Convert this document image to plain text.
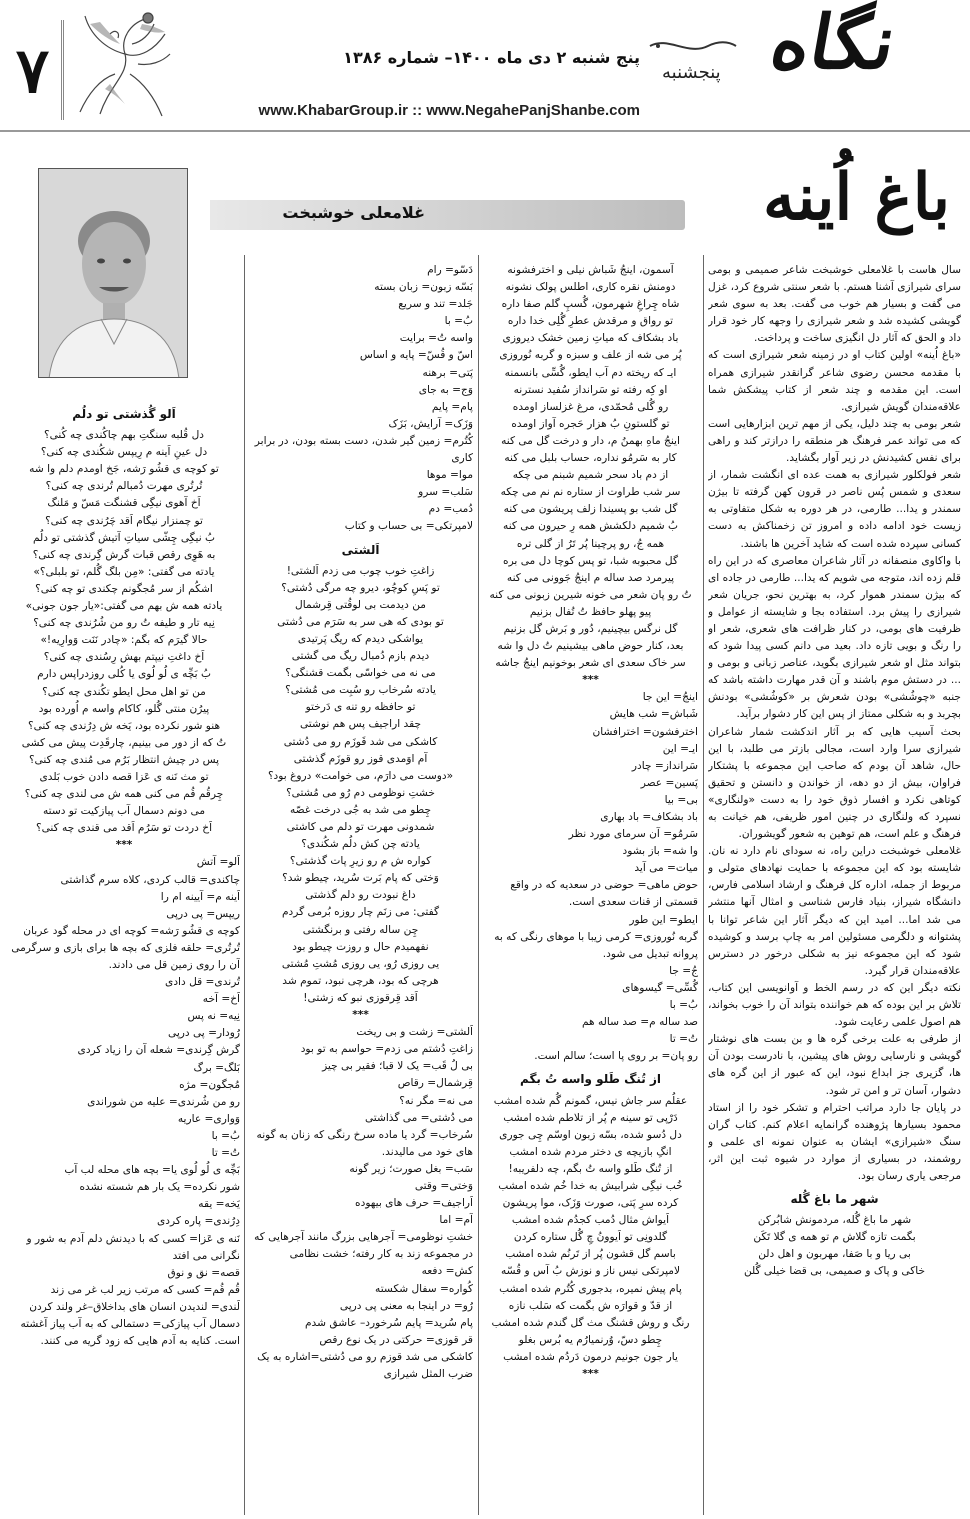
۷	پنج شنبه ۲ دی ماه ۱۴۰۰– شماره ۱۳۸۶
www.KhabarGroup.ir :: www.NegahePanjShanbe.com
نگاه
پنجشنبه
غلامعلی خوشبخت	باغ اُینه

سال هاست با غلامعلی خوشبخت شاعر صمیمی و بومی سرای شیرازی آشنا هستم. با شعر سنتی شروع کرد، غزل می گفت و بسیار هم خوب می گفت. بعد به سوی شعر گویشی کشیده شد و شعر شیرازی را وجهه کار خود قرار داد و الحق که آثار دل انگیزی ساخت و پرداخت.

«باغ اُینه» اولین کتاب او در زمینه شعر شیرازی است که با مقدمه محسن رضوی شاعر گرانقدر شیرازی همراه است. این مقدمه و چند شعر از کتاب پیشکش شما علاقه‌مندان گویش شیرازی.

شعر بومی به چند دلیل، یکی از مهم ترین ابزارهایی است که می تواند عمر فرهنگ هر منطقه را درازتر کند و راهی برای نفس کشیدنش در زیر آوار بگشاید.

شعر فولکلور شیرازی به همت عده ای انگشت شمار، از سعدی و شمس پُس ناصر در قرون کهن گرفته تا بیژن سمندر و یدا... طارمی، در هر دوره به شکل متفاوتی به زیست خود ادامه داده و امروز تن زخمناکش به دست کسانی سپرده شده است که شاید آخرین ها باشند.

با واکاوی منصفانه در آثار شاعران معاصری که در این راه قلم زده اند، متوجه می شویم که یدا... طارمی در جاده ای که بیژن سمندر هموار کرد، به بهترین نحو، جریان شعر شیرازی را پیش برد. استفاده بجا و شایسته از عوامل و ظرفیت های بومی، در کنار ظرافت های شعری، شعر او را رنگ و بویی تازه داد. بعید می دانم کسی پیدا شود که بتواند مثل او شعر شیرازی بگوید، عناصر زبانی و بومی و ... در دستش موم باشند و آن قدر مهارت داشته باشد که جنبه «چوشُشی» بودن شعرش بر «کوشُشی» بودنش بچربد و به شکلی ممتاز از پس این کار دشوار برآید.

بحث آسیب هایی که بر آثار اندکشت شمار شاعران شیرازی سرا وارد است، مجالی بازتر می طلبد، با این حال، شاهد آن بودم که صاحب این مجموعه با پشتکار فراوان، بیش از دو دهه، از خواندن و دانستن و تحقیق کوتاهی نکرد و افسار ذوق خود را به دست «ولنگاری» نسپرد که ولنگاری در چنین امور ظریفی، هم خیانت به فرهنگ و علم است، هم توهین به شعور گویشوران.

غلامعلی خوشبخت دراین راه، نه سودای نام دارد نه نان. شایسته بود که این مجموعه با حمایت نهادهای متولی و مربوط از جمله، اداره کل فرهنگ و ارشاد اسلامی فارس، دانشگاه شیراز، بنیاد فارس شناسی و امثال آنها منتشر می شد اما... امید این که دیگر آثار این شاعر توانا با پشتوانه و دلگرمی مسئولین امر به چاپ برسد و کوشیده شود که این مجموعه نیز به شکلی درخور در دسترس علاقه‌مندان قرار گیرد.

نکته دیگر این که در رسم الخط و آوانویسی این کتاب، تلاش بر این بوده که هم خواننده بتواند آن را خوب بخواند، هم اصول علمی رعایت شود.

از طرفی به علت برخی گره ها و بن بست های نوشتار گویشی و نارسایی روش های پیشین، با نادرست بودن آن ها، گزیری جز ابداع نبود، این که عبور از این گره های دشوار، آسان تر و امن تر شود.

در پایان جا دارد مراتب احترام و تشکر خود را از استاد محمود بسیارها پژوهنده گرانمایه اعلام کنم. کتاب گران سنگ «شیرازی» ایشان به عنوان نمونه ای علمی و روشمند، در بسیاری از موارد در شیوه ثبت این اثر، مرجعی یاری رسان بود.

شهر ما باغ گُله

شهر ما باغ گُله، مردمونش شابُرکن

بگمت تازه گلاش م تو همه ی گلا تَکَن

بی ریا و با صَفا، مهربون و اهل دلن

خاکی و پاک و صمیمی، بی قضا خیلی گُلن

آسمون، اینجُ شَباش نیلی و اخترفشونه

دومنش نقره کاری، اطلس پولک نشونه

شاه چِراغِ شهرمون، گُسپِ گلم صفا داره

تو رواق و مرقدش عطرِ گُلِی خدا داره

باد بشکاف که میاتِ زمین خشک دیروزی

پُر می شه از علف و سبزه و گربه نُوروزی

ایـ که ریخته دم آب ایطو، گُسِّی بانسمنه

او کِه رفته تو سَرانداز سُفید نسترنه

رو گُلی مُحمّدی، مرغ غزلساز اومده

تو گلستونِ بُ هزار حَجره آواز اومده

اینجُ ماهِ بهمنُ م، دار و درخت گل می کنه

کار به سَرمُو نداره، حساب بلبل می کنه

از دم باد سحر شمیم شبنم می چکه

سر شب طراوت از ستاره نم نم می چکه

گل شب بو پسیندا زلف پریشون می کنه

بُ شمیم دلکشش همه رِ حیرون می کنه

همه جُ، رو پرچینا پُر تَرُ از گلی تره

گل محبوبه شبا، تو پس کوچا دل می بره

پیرمرد صد ساله م اینجُ جَوونی می کنه

تُ رو پان شعر می خونه شیرین زبونی می کنه

پیو پهلو حافظ تُ تُفال بزنیم

گل نرگس بیچینیم، دُور و بَرش گل بزنیم

بعد، کنار حوض ماهی بیشینیم تُ دل وا شه

سر خاک سعدی ای شعر بوخونیم اینجُ جاشه

***

اینجُ= این جا

شَباش= شب هایش

اخترفشون= اخترافشان

ایـ= این

سَرانداز= چادر

پَسین= عصر

بی= بیا

باد بشکاف= باد بهاری

سَرمُو= آن سرمای مورد نظر

وا شه= باز بشود

میات= می آید

حوض ماهی= حوضی در سعدیه که در واقع قسمتی از قنات سعدی است.

ایطو= این طور

گربه نُوروزی= کرمی زیبا با موهای رنگی که به پروانه تبدیل می شود.

جُ= جا

گُسِّی= گیسوهای

بُ= با

صد ساله م= صد ساله هم

تُ= تا

رو پان= بر روی پا است؛ سالم است.

از تُنگ طَلو واسه تُ بگم

عقلُم سر جاش نیس، گمونم گُم شده امشب

دَرْپی تو سینه م پُر از تلاطم شده امشب

دل دُسو شده، بسّه زبون اوسّم چِی جوری

انگِ بازیچه ی دختر مردم شده امشب

از تُنگ طَلو واسه تُ بگم، چه دلفریبه!

خُب نیگِی شرابیش به خدا خُم شده امشب

کرده سرِ پَتی، صورت وَزَک، موا پریشون

اَیواش مثال دُمب کجدُم شده امشب

گلدونِی تو اَیوونُ چِ گُل ستاره کردن

باسم گل قشون پُر از تَرنُم شده امشب

لامپرتکی نیس ناز و نوزش بُ آس و قُسّه

پام پیش نمیره، بدجوری کُتُرم شده امشب

از قدّ و قوارَه ش بگمت که سَلب نازه

رنگ و روش قشنگ مث گل گندم شده امشب

چِطو دسّ، وُرنمیارُم یه بُرس بغلو

یار جون جونیم درمون دَردُم شده امشب

***

دَسّو= رام

بَسّه زبون= زبان بسته

جَلد= تند و سریع

بُ= با

واسه تُ= برایت

اسّ و قُسّ= پایه و اساس

پَتی= برهنه

وَج= به جای

پام= پایم

وَزَک= آرایش، بَزَک

کُتُرم= زمین گیر شدن، دست بسته بودن، در برابر کاری

موا= موها

سَلب= سرو

دُمب= دم

لامپرتکی= بی حساب و کتاب

اَلشتی

زاغتِ خوب چوب می زدم اَلشتی!

تو پَسِ کوچُو، دیرو چه مرگی دُشتی؟

من دیدمت بی لوقُتی قِرشمال

تو بودی که هی سر به سَرَم می دُشتی

یواشکی دیدم که ریگ پَرتیدی

دیدم بازم دُمبال ریگ می گشتی

می نه می خواسّی بگمت قشنگی؟

یادته سُرخاب رو سُبِت می مُشتی؟

تو حافظه رو تنه ی دَرختو

چقد اراجیف پس هم نوشتی

کاشکی می شد قَوزَم رو می دُشتی

آم اوَمدی قوز رو قوزَم گذشتی

«دوست می دارَم، می خوامت» دروغ بود؟

خشتِ نوظومی دم رُو می مُشتی؟

چِطو می شد به جُی درخت غصّه

شمدونی مهرت تو دلم می کاشتی

یادته چن کش دلُم شکُندی؟

کواره ش م رو زیرِ پات گذشتی؟

وَختی که پام بَرت سُرید، چیطو شد؟

داغ نبودت رو دلم گذشتی

گفتی: می زنَم چار روزه بُرمی گردم

چِن ساله رفتی و برنگشتی

نفهمیدم حال و روزت چیطو بود

یی روزی رُو، یی روزی مُشتِ مُشتی

هرچی که بود، هرچی نبود، تموم شد

اَقد قِرقوزی نبو که زشتی!

***

اَلشتی= زشت و بی ریخت

زاغتِ دُشتم می زدم= حواسم به تو بود

بی لُ قَب= یک لا قبا؛ فقیر بی چیز

قِرشمال= رقاص

می نه= مگر نه؟

می دُشتی= می گذاشتی

سُرخاب= گرد یا ماده سرخ رنگی که زنان به گونه های خود می مالیدند.

سَب= بغل صورت؛ زیر گونه

وَختی= وقتی

اَراجیف= حرف های بیهوده

آم= اما

خشتِ نوظومی= آجرهایی بزرگ مانند آجرهایی که در مجموعه زند به کار رفته؛ خشت نظامی

کش= دفعه

کُواره= سفال شکسته

رُو= در اینجا به معنی پی درپی

پام سُرید= پایم سُرخورد– عاشق شدم

قر قوزی= حرکتی در یک نوع رقص

کاشکی می شد قوزم رو می دُشتی=اشاره به یک ضرب المثل شیرازی

اَلو گُذشتی تو دلُم

دل قُلبه سنگتِ بهم چاکُندی چه کُنی؟

دل عینِ اَینه م رِیپس شکُندی چه کنی؟

تو کوچه ی قشُو رَشه، جَخ اومدم دلم وا شه

تُرتُری مهرت دُمبالم تُرندی چه کنی؟

اَخ آهوی نیگِی قشنگت مَسّ و مَلنگ

تو چمنزار نیگام اَقد چَرُندی چه کنی؟

بُ نیگِی چِشّی سیاتِ آتیش گذشتی تو دلُم

به هَوِی رقص قبات گرش گِرندی چه کنی؟

یادته می گفتی: «مِن بلگ گُلم، تو بلبلی؟»

اشکُم از سر مُجگونم چکندی تو چه کنی؟

یادته همه ش بهم می گفتی:«یار جون جونی»

نِیه تار و طیفه تُ رو من شُرُندی چه کنی؟

حالا گیرَم که بگم: «چادر نَنَت وَوارِیه!»

اَخ داغتِ نیپتم بهش رِسُندی چه کنی؟

بُ بَچِّه ی لُو لُوی یا کُلی روزدراپس دارم

من تو اهل محل ایطو تکُندی چه کنی؟

پیرُن منتی گُلو، کاکام واسه م اُورده بود

هنو شور نکرده بود، یَخه ش دِرُندی چه کنی؟

تُ که از دور می بینیم، چارقَدِت پیش می کشی

پس در چیش انتظار بَرُم می مُندی چه کنی؟

تو مث نَنه ی عَزا قصه دادن خوب بَلدی

چِرقُم قُم می کنی همه ش می لندی چه کنی؟

می دونم دسمال آب پیازکیت تو دسته

اَخ دردت تو سَرُم اَقد می قندی چه کنی؟

***

اَلو= آتش

چاکندی= قالب کردی، کلاه سرم گذاشتی

اَینه م= آیینه ام را

ریپس= پی درپی

کوچه ی قشُو رَشه= کوچه ای در محله گود عربان

تُرتُری= حلقه فلزی که بچه ها برای بازی و سرگرمی آن را روی زمین قل می دادند.

تُرندی= قل دادی

اَخ= آخه

نِیه= نه پس

رُودار= پی درپی

گرش گِرندی= شعله آن را زیاد کردی

بَلگ= برگ

مُجگون= مژه

رو من شُرندی= علیه من شوراندی

وَواری= عاریه

بُ= با

تُ= تا

بَچِّه ی لُو لُوی یا= بچه های محله لب آب

شور نکرده= یک بار هم شسته نشده

یَخه= یقه

دِرُندی= پاره کردی

نَنه ی عَزا= کسی که با دیدنش دلم آدم به شور و نگرانی می افتد

قصه= نق و نوق

قُم قُم= کسی که مرتب زیر لب غر می زند

لَندی= لندیدن انسان های بداخلاق–غر ولند کردن

دسمال آب پیازکی= دستمالی که به آب پیاز آغشته است. کنایه به آدم هایی که زود گریه می کنند.
